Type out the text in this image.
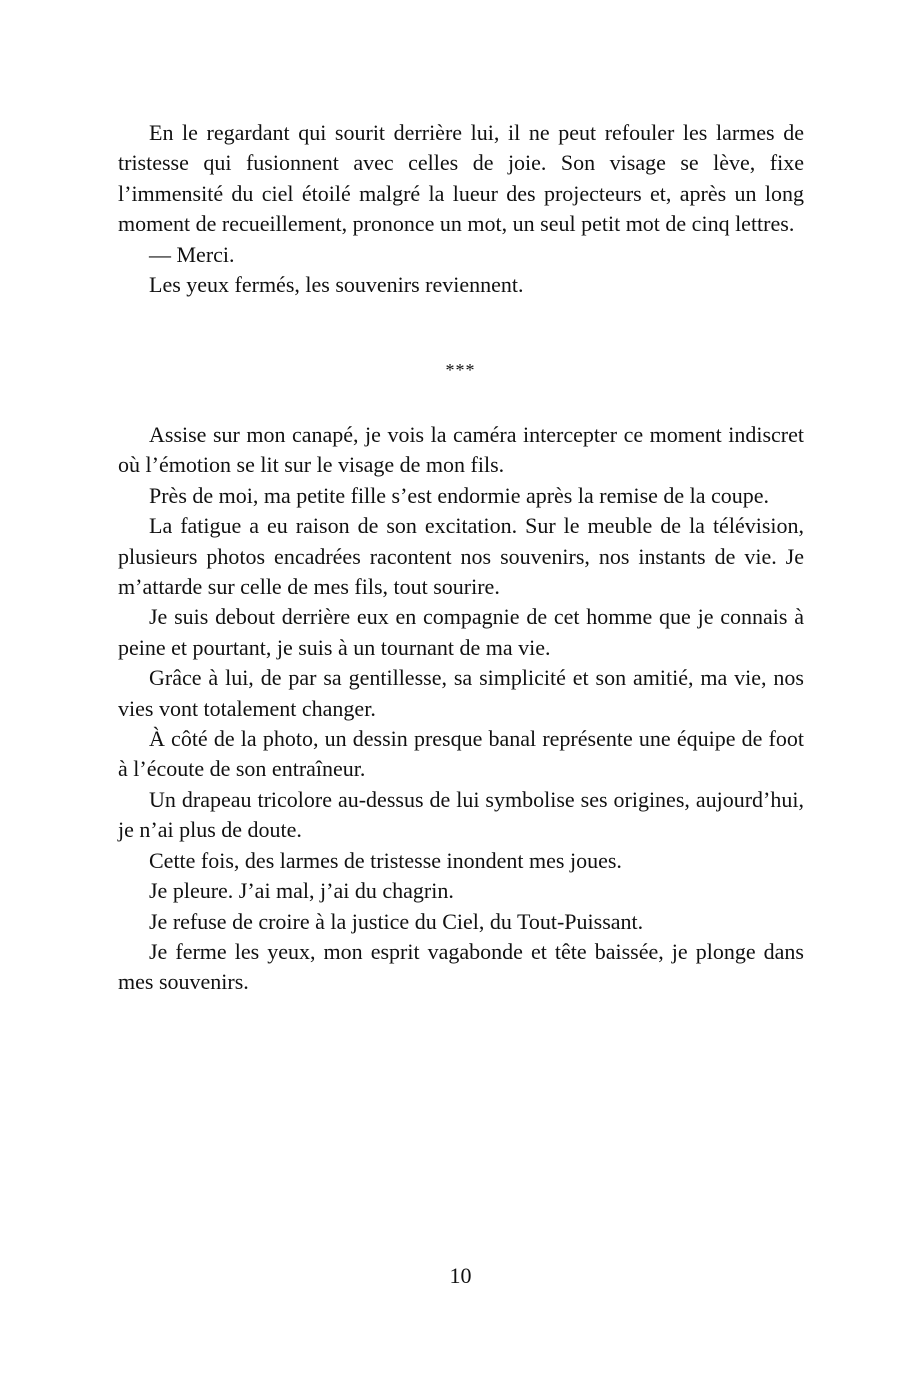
En le regardant qui sourit derrière lui, il ne peut refouler les larmes de tristesse qui fusionnent avec celles de joie. Son visage se lève, fixe l’immensité du ciel étoilé malgré la lueur des projecteurs et, après un long moment de recueillement, prononce un mot, un seul petit mot de cinq lettres.

— Merci.

Les yeux fermés, les souvenirs reviennent.

***

Assise sur mon canapé, je vois la caméra intercepter ce moment indiscret où l’émotion se lit sur le visage de mon fils.

Près de moi, ma petite fille s’est endormie après la remise de la coupe.

La fatigue a eu raison de son excitation. Sur le meuble de la télévision, plusieurs photos encadrées racontent nos souvenirs, nos instants de vie. Je m’attarde sur celle de mes fils, tout sourire.

Je suis debout derrière eux en compagnie de cet homme que je connais à peine et pourtant, je suis à un tournant de ma vie.

Grâce à lui, de par sa gentillesse, sa simplicité et son amitié, ma vie, nos vies vont totalement changer.

À côté de la photo, un dessin presque banal représente une équipe de foot à l’écoute de son entraîneur.

Un drapeau tricolore au-dessus de lui symbolise ses origines, aujourd’hui, je n’ai plus de doute.

Cette fois, des larmes de tristesse inondent mes joues.

Je pleure. J’ai mal, j’ai du chagrin.

Je refuse de croire à la justice du Ciel, du Tout-Puissant.

Je ferme les yeux, mon esprit vagabonde et tête baissée, je plonge dans mes souvenirs.

10
